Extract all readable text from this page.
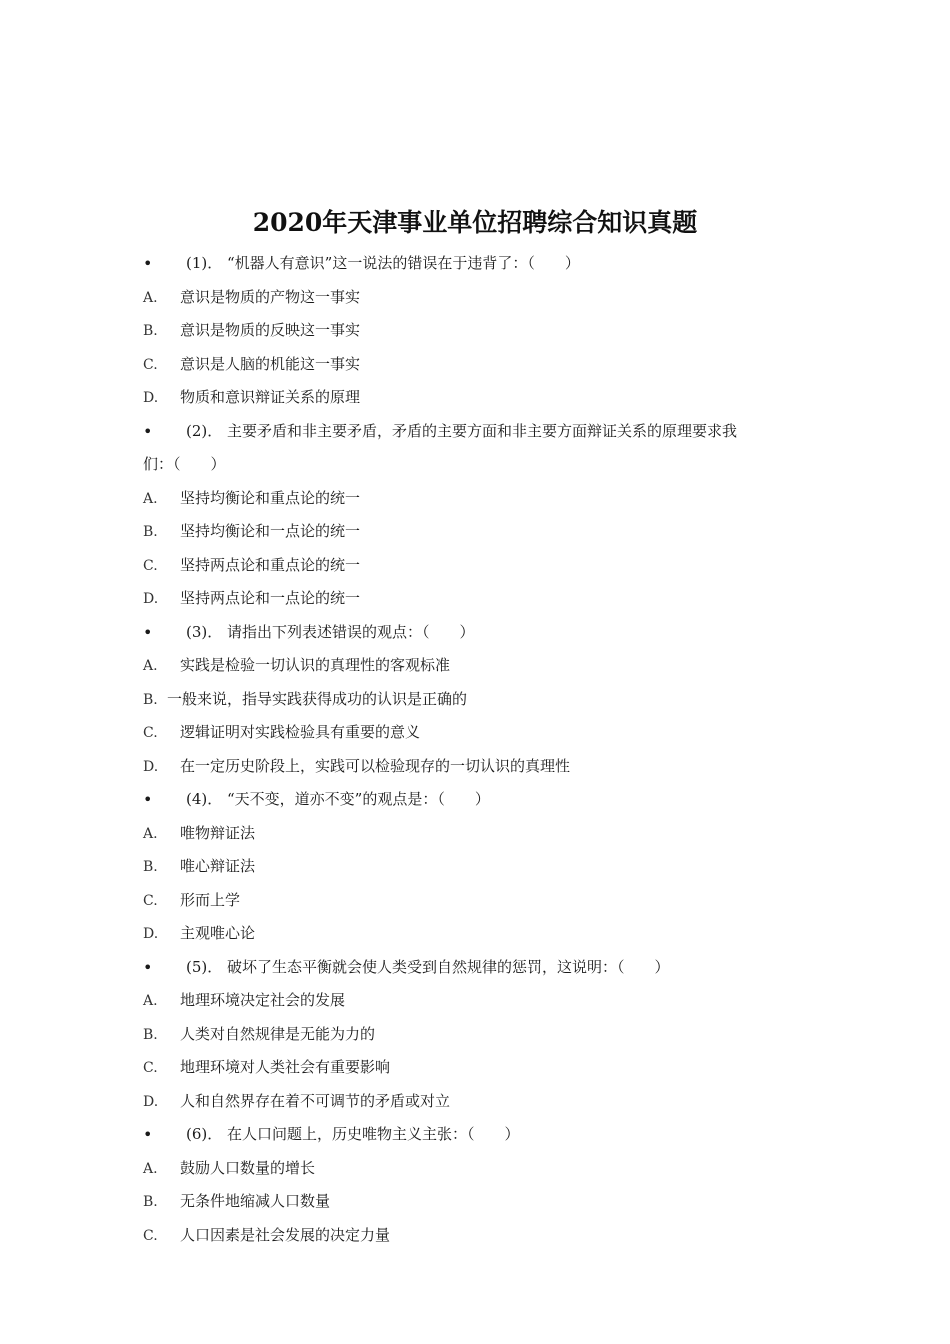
2020年天津事业单位招聘综合知识真题
• (1)． “机器人有意识”这一说法的错误在于违背了：（　　）
A. 意识是物质的产物这一事实
B. 意识是物质的反映这一事实
C. 意识是人脑的机能这一事实
D. 物质和意识辩证关系的原理
• (2)． 主要矛盾和非主要矛盾，矛盾的主要方面和非主要方面辩证关系的原理要求我
们：（　　）
A. 坚持均衡论和重点论的统一
B. 坚持均衡论和一点论的统一
C. 坚持两点论和重点论的统一
D. 坚持两点论和一点论的统一
• (3)． 请指出下列表述错误的观点：（　　）
A. 实践是检验一切认识的真理性的客观标准
B. 一般来说，指导实践获得成功的认识是正确的
C. 逻辑证明对实践检验具有重要的意义
D. 在一定历史阶段上，实践可以检验现存的一切认识的真理性
• (4)． “天不变，道亦不变”的观点是：（　　）
A. 唯物辩证法
B. 唯心辩证法
C. 形而上学
D. 主观唯心论
• (5)． 破坏了生态平衡就会使人类受到自然规律的惩罚，这说明：（　　）
A. 地理环境决定社会的发展
B. 人类对自然规律是无能为力的
C. 地理环境对人类社会有重要影响
D. 人和自然界存在着不可调节的矛盾或对立
• (6)． 在人口问题上，历史唯物主义主张：（　　）
A. 鼓励人口数量的增长
B. 无条件地缩减人口数量
C. 人口因素是社会发展的决定力量
